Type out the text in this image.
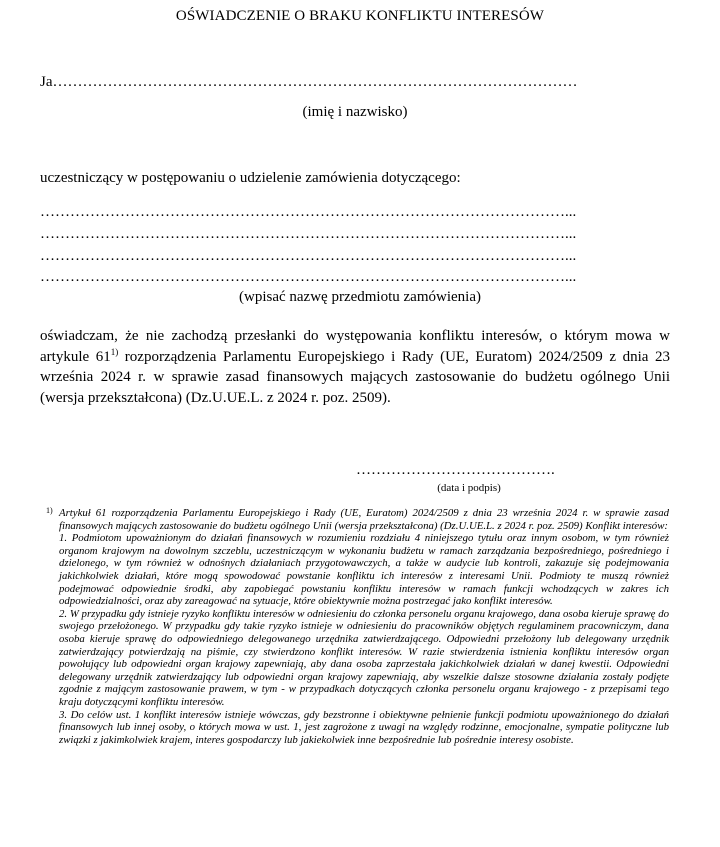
OŚWIADCZENIE O BRAKU KONFLIKTU INTERESÓW
Ja……………………………………………………………………………………………
(imię i nazwisko)
uczestniczący w postępowaniu o udzielenie zamówienia dotyczącego:
……………………………………………………………………………………………...
……………………………………………………………………………………………...
……………………………………………………………………………………………...
……………………………………………………………………………………………...
(wpisać nazwę przedmiotu zamówienia)
oświadczam, że nie zachodzą przesłanki do występowania konfliktu interesów, o którym mowa w artykule 61$^{1)}$ rozporządzenia Parlamentu Europejskiego i Rady (UE, Euratom) 2024/2509 z dnia 23 września 2024 r. w sprawie zasad finansowych mających zastosowanie do budżetu ogólnego Unii (wersja przekształcona) (Dz.U.UE.L. z 2024 r. poz. 2509).
………………………………….
(data i podpis)
1) Artykuł 61 rozporządzenia Parlamentu Europejskiego i Rady (UE, Euratom) 2024/2509 z dnia 23 września 2024 r. w sprawie zasad finansowych mających zastosowanie do budżetu ogólnego Unii (wersja przekształcona) (Dz.U.UE.L. z 2024 r. poz. 2509) Konflikt interesów:

1. Podmiotom upoważnionym do działań finansowych w rozumieniu rozdziału 4 niniejszego tytułu oraz innym osobom, w tym również organom krajowym na dowolnym szczeblu, uczestniczącym w wykonaniu budżetu w ramach zarządzania bezpośredniego, pośredniego i dzielonego, w tym również w odnośnych działaniach przygotowawczych, a także w audycie lub kontroli, zakazuje się podejmowania jakichkolwiek działań, które mogą spowodować powstanie konfliktu ich interesów z interesami Unii. Podmioty te muszą również podejmować odpowiednie środki, aby zapobiegać powstaniu konfliktu interesów w ramach funkcji wchodzących w zakres ich odpowiedzialności, oraz aby zareagować na sytuacje, które obiektywnie można postrzegać jako konflikt interesów.

2. W przypadku gdy istnieje ryzyko konfliktu interesów w odniesieniu do członka personelu organu krajowego, dana osoba kieruje sprawę do swojego przełożonego. W przypadku gdy takie ryzyko istnieje w odniesieniu do pracowników objętych regulaminem pracowniczym, dana osoba kieruje sprawę do odpowiedniego delegowanego urzędnika zatwierdzającego. Odpowiedni przełożony lub delegowany urzędnik zatwierdzający potwierdzają na piśmie, czy stwierdzono konflikt interesów. W razie stwierdzenia istnienia konfliktu interesów organ powołujący lub odpowiedni organ krajowy zapewniają, aby dana osoba zaprzestała jakichkolwiek działań w danej kwestii. Odpowiedni delegowany urzędnik zatwierdzający lub odpowiedni organ krajowy zapewniają, aby wszelkie dalsze stosowne działania zostały podjęte zgodnie z mającym zastosowanie prawem, w tym - w przypadkach dotyczących członka personelu organu krajowego - z przepisami tego kraju dotyczącymi konfliktu interesów.

3. Do celów ust. 1 konflikt interesów istnieje wówczas, gdy bezstronne i obiektywne pełnienie funkcji podmiotu upoważnionego do działań finansowych lub innej osoby, o których mowa w ust. 1, jest zagrożone z uwagi na względy rodzinne, emocjonalne, sympatie polityczne lub związki z jakimkolwiek krajem, interes gospodarczy lub jakiekolwiek inne bezpośrednie lub pośrednie interesy osobiste.
